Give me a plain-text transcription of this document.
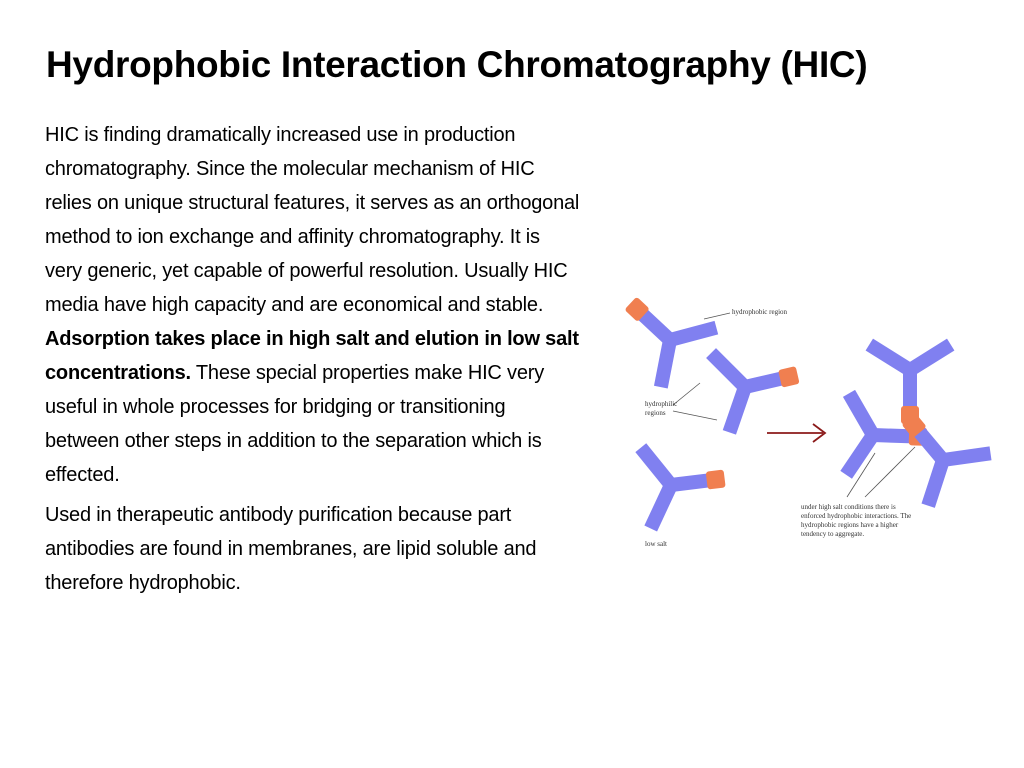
Hydrophobic Interaction Chromatography (HIC)

HIC is finding dramatically increased use in production chromatography. Since the molecular mechanism of HIC relies on unique structural features, it serves as an orthogonal method to ion exchange and affinity chromatography. It is very generic, yet capable of powerful resolution. Usually HIC media have high capacity and are economical and stable. Adsorption takes place in high salt and elution in low salt concentrations. These special properties make HIC very useful in whole processes for bridging or transitioning between other steps in addition to the separation which is effected.

Used in therapeutic antibody purification because part antibodies are found in membranes, are lipid soluble and therefore hydrophobic.

hydrophobic region
hydrophilic
regions
low salt
under high salt conditions there is
enforced hydrophobic interactions. The
hydrophobic regions have a higher
tendency to aggregate.
